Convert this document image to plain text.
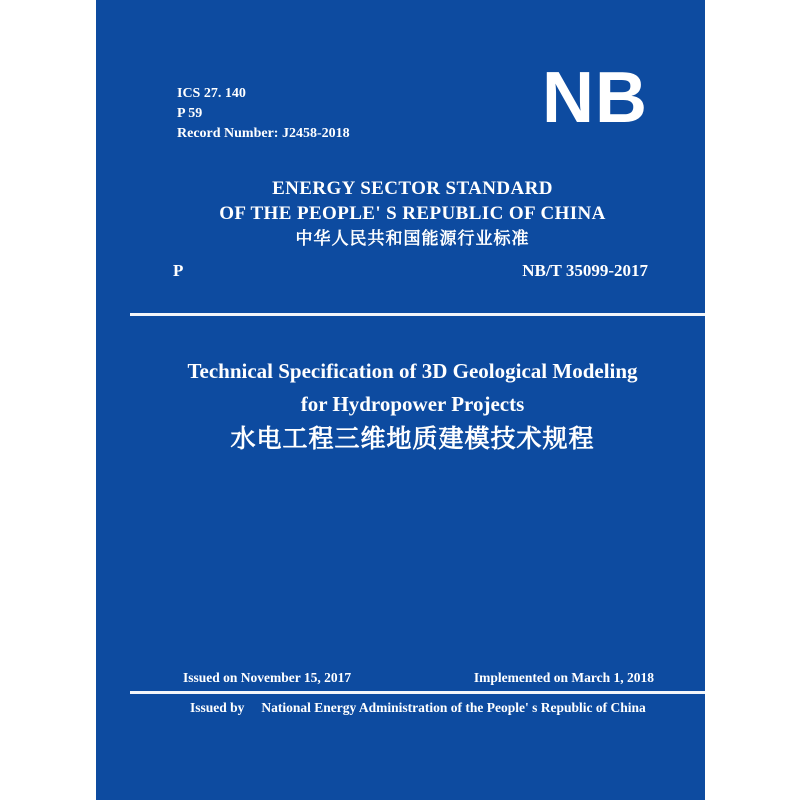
ICS 27. 140
P 59
Record Number: J2458-2018	NB
ENERGY SECTOR STANDARD
OF THE PEOPLE' S REPUBLIC OF CHINA
中华人民共和国能源行业标准
P	NB/T 35099-2017
Technical Specification of 3D Geological Modeling
for Hydropower Projects
水电工程三维地质建模技术规程
Issued on November 15, 2017	Implemented on March 1, 2018
Issued by National Energy Administration of the People' s Republic of China
